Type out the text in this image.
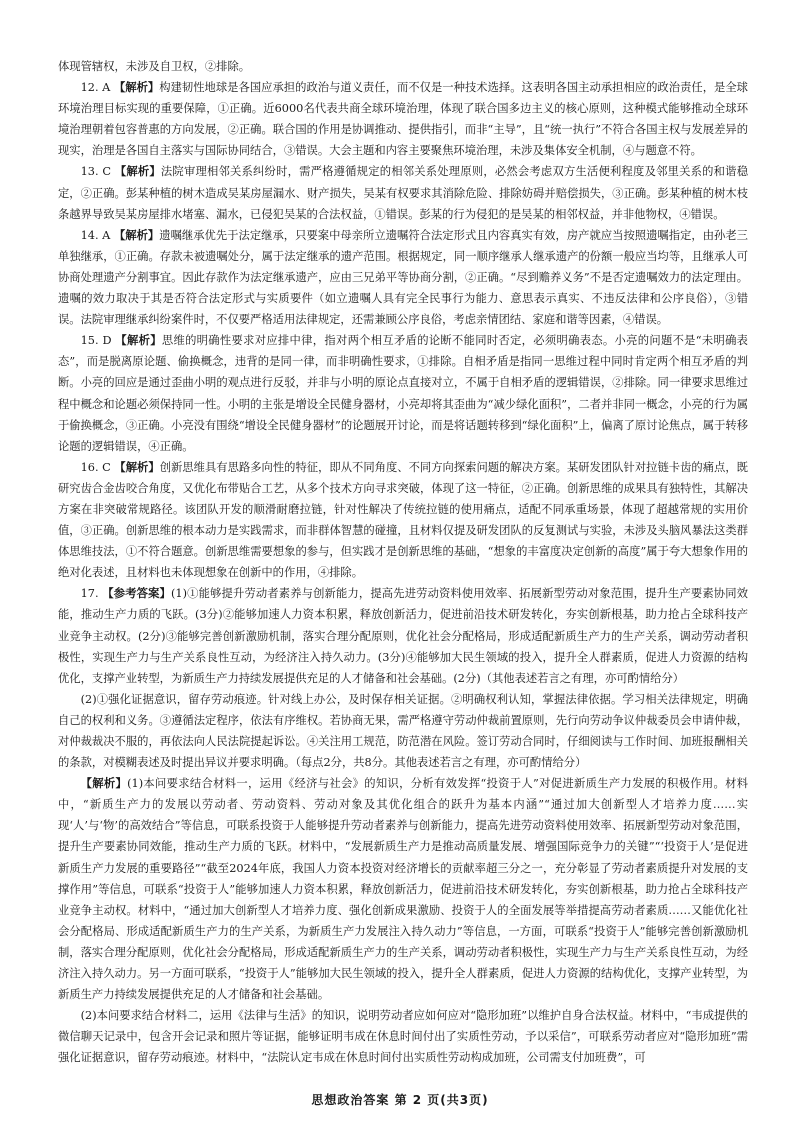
体现管辖权，未涉及自卫权，②排除。

12. A 【解析】构建韧性地球是各国应承担的政治与道义责任，而不仅是一种技术选择。这表明各国主动承担相应的政治责任，是全球环境治理目标实现的重要保障，①正确。近6000名代表共商全球环境治理，体现了联合国多边主义的核心原则，这种模式能够推动全球环境治理朝着包容普惠的方向发展，②正确。联合国的作用是协调推动、提供指引，而非“主导”，且“统一执行”不符合各国主权与发展差异的现实，治理是各国自主落实与国际协同结合，③错误。大会主题和内容主要聚焦环境治理，未涉及集体安全机制，④与题意不符。

13. C 【解析】法院审理相邻关系纠纷时，需严格遵循规定的相邻关系处理原则，必然会考虑双方生活便利程度及邻里关系的和谐稳定，②正确。彭某种植的树木造成吴某房屋漏水、财产损失，吴某有权要求其消除危险、排除妨碍并赔偿损失，③正确。彭某种植的树木枝条越界导致吴某房屋排水堵塞、漏水，已侵犯吴某的合法权益，①错误。彭某的行为侵犯的是吴某的相邻权益，并非他物权，④错误。

14. A 【解析】遗嘱继承优先于法定继承，只要案中母亲所立遗嘱符合法定形式且内容真实有效，房产就应当按照遗嘱指定，由孙老三单独继承，①正确。存款未被遗嘱处分，属于法定继承的遗产范围。根据规定，同一顺序继承人继承遗产的份额一般应当均等，且继承人可协商处理遗产分割事宜。因此存款作为法定继承遗产，应由三兄弟平等协商分割，②正确。“尽到赡养义务”不是否定遗嘱效力的法定理由。遗嘱的效力取决于其是否符合法定形式与实质要件（如立遗嘱人具有完全民事行为能力、意思表示真实、不违反法律和公序良俗），③错误。法院审理继承纠纷案件时，不仅要严格适用法律规定，还需兼顾公序良俗，考虑亲情团结、家庭和谐等因素，④错误。

15. D 【解析】思维的明确性要求对应排中律，指对两个相互矛盾的论断不能同时否定，必须明确表态。小亮的问题不是“未明确表态”，而是脱离原论题、偷换概念，违背的是同一律，而非明确性要求，①排除。自相矛盾是指同一思维过程中同时肯定两个相互矛盾的判断。小亮的回应是通过歪曲小明的观点进行反驳，并非与小明的原论点直接对立，不属于自相矛盾的逻辑错误，②排除。同一律要求思维过程中概念和论题必须保持同一性。小明的主张是增设全民健身器材，小亮却将其歪曲为“减少绿化面积”，二者并非同一概念，小亮的行为属于偷换概念，③正确。小亮没有围绕“增设全民健身器材”的论题展开讨论，而是将话题转移到“绿化面积”上，偏离了原讨论焦点，属于转移论题的逻辑错误，④正确。

16. C 【解析】创新思维具有思路多向性的特征，即从不同角度、不同方向探索问题的解决方案。某研发团队针对拉链卡齿的痛点，既研究齿合金齿咬合角度，又优化布带贴合工艺，从多个技术方向寻求突破，体现了这一特征，②正确。创新思维的成果具有独特性，其解决方案在非突破常规路径。该团队开发的顺滑耐磨拉链，针对性解决了传统拉链的使用痛点，适配不同承重场景，体现了超越常规的实用价值，③正确。创新思维的根本动力是实践需求，而非群体智慧的碰撞，且材料仅提及研发团队的反复测试与实验，未涉及头脑风暴法这类群体思维技法，①不符合题意。创新思维需要想象的参与，但实践才是创新思维的基础，“想象的丰富度决定创新的高度”属于夸大想象作用的绝对化表述，且材料也未体现想象在创新中的作用，④排除。

17. 【参考答案】(1)①能够提升劳动者素养与创新能力，提高先进劳动资料使用效率、拓展新型劳动对象范围，提升生产要素协同效能，推动生产力质的飞跃。(3分)②能够加速人力资本积累，释放创新活力，促进前沿技术研发转化，夯实创新根基，助力抢占全球科技产业竞争主动权。(2分)③能够完善创新激励机制，落实合理分配原则，优化社会分配格局，形成适配新质生产力的生产关系，调动劳动者积极性，实现生产力与生产关系良性互动，为经济注入持久动力。(3分)④能够加大民生领域的投入，提升全人群素质，促进人力资源的结构优化，支撑产业转型，为新质生产力持续发展提供充足的人才储备和社会基础。(2分)（其他表述若言之有理，亦可酌情给分）

(2)①强化证据意识，留存劳动痕迹。针对线上办公，及时保存相关证据。②明确权利认知，掌握法律依据。学习相关法律规定，明确自己的权利和义务。③遵循法定程序，依法有序维权。若协商无果，需严格遵守劳动仲裁前置原则，先行向劳动争议仲裁委员会申请仲裁，对仲裁裁决不服的，再依法向人民法院提起诉讼。④关注用工规范，防范潜在风险。签订劳动合同时，仔细阅读与工作时间、加班报酬相关的条款，对模糊表述及时提出异议并要求明确。（每点2分，共8分。其他表述若言之有理，亦可酌情给分）

【解析】(1)本问要求结合材料一，运用《经济与社会》的知识，分析有效发挥“投资于人”对促进新质生产力发展的积极作用。材料中，“新质生产力的发展以劳动者、劳动资料、劳动对象及其优化组合的跃升为基本内涵”“通过加大创新型人才培养力度……实现‘人’与‘物’的高效结合”等信息，可联系投资于人能够提升劳动者素养与创新能力，提高先进劳动资料使用效率、拓展新型劳动对象范围，提升生产要素协同效能，推动生产力质的飞跃。材料中，“发展新质生产力是推动高质量发展、增强国际竞争力的关键”“‘投资于人’是促进新质生产力发展的重要路径”“截至2024年底，我国人力资本投资对经济增长的贡献率超三分之一，充分彰显了劳动者素质提升对发展的支撑作用”等信息，可联系“投资于人”能够加速人力资本积累，释放创新活力，促进前沿技术研发转化，夯实创新根基，助力抢占全球科技产业竞争主动权。材料中，“通过加大创新型人才培养力度、强化创新成果激励、投资于人的全面发展等举措提高劳动者素质……又能优化社会分配格局、形成适配新质生产力的生产关系，为新质生产力发展注入持久动力”等信息，一方面，可联系“投资于人”能够完善创新激励机制，落实合理分配原则，优化社会分配格局，形成适配新质生产力的生产关系，调动劳动者积极性，实现生产力与生产关系良性互动，为经济注入持久动力。另一方面可联系，“投资于人”能够加大民生领域的投入，提升全人群素质，促进人力资源的结构优化，支撑产业转型，为新质生产力持续发展提供充足的人才储备和社会基础。

(2)本问要求结合材料二，运用《法律与生活》的知识，说明劳动者应如何应对“隐形加班”以维护自身合法权益。材料中，“韦成提供的微信聊天记录中，包含开会记录和照片等证据，能够证明韦成在休息时间付出了实质性劳动，予以采信”，可联系劳动者应对“隐形加班”需强化证据意识，留存劳动痕迹。材料中，“法院认定韦成在休息时间付出实质性劳动构成加班，公司需支付加班费”，可

思想政治答案 第 2 页(共3页)
